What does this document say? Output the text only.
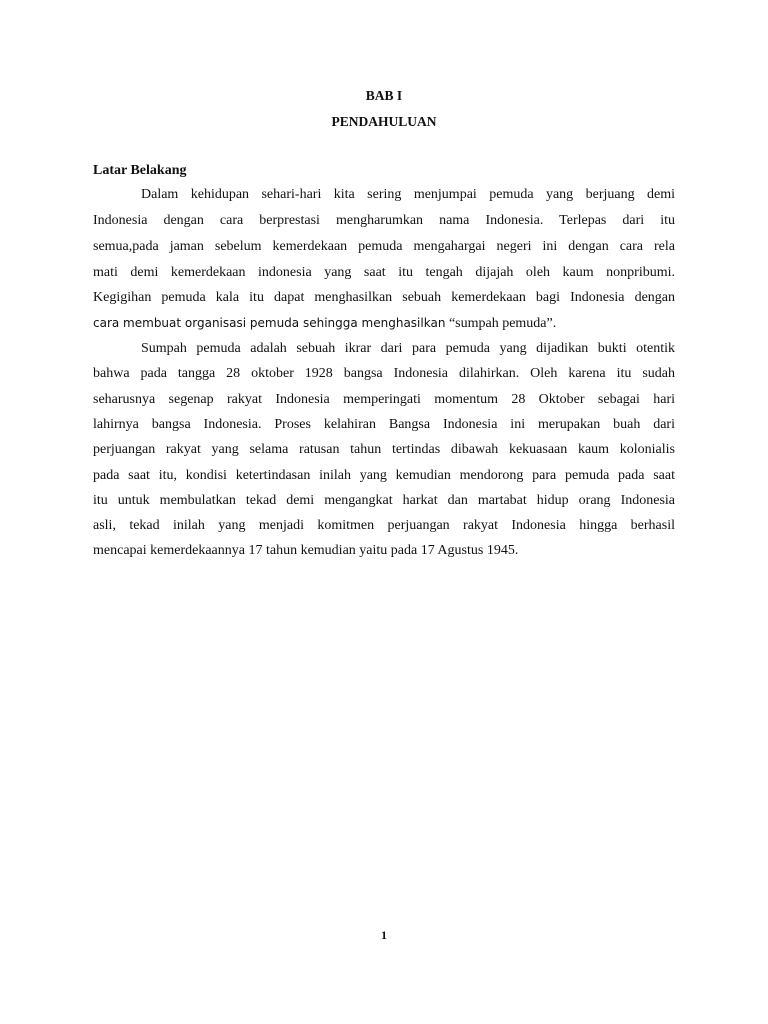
BAB I

PENDAHULUAN

Latar Belakang

Dalam kehidupan sehari-hari kita sering menjumpai pemuda yang berjuang demi

Indonesia dengan cara berprestasi mengharumkan nama Indonesia. Terlepas dari itu

semua,pada jaman sebelum kemerdekaan pemuda mengahargai negeri ini dengan cara rela

mati demi kemerdekaan indonesia yang saat itu tengah dijajah oleh kaum nonpribumi.

Kegigihan pemuda kala itu dapat menghasilkan sebuah kemerdekaan bagi Indonesia dengan

cara membuat organisasi pemuda sehingga menghasilkan “sumpah pemuda”.

Sumpah pemuda adalah sebuah ikrar dari para pemuda yang dijadikan bukti otentik

bahwa pada tangga 28 oktober 1928 bangsa Indonesia dilahirkan. Oleh karena itu sudah

seharusnya segenap rakyat Indonesia memperingati momentum 28 Oktober sebagai hari

lahirnya bangsa Indonesia. Proses kelahiran Bangsa Indonesia ini merupakan buah dari

perjuangan rakyat yang selama ratusan tahun tertindas dibawah kekuasaan kaum kolonialis

pada saat itu, kondisi ketertindasan inilah yang kemudian mendorong para pemuda pada saat

itu untuk membulatkan tekad demi mengangkat harkat dan martabat hidup orang Indonesia

asli, tekad inilah yang menjadi komitmen perjuangan rakyat Indonesia hingga berhasil

mencapai kemerdekaannya 17 tahun kemudian yaitu pada 17 Agustus 1945.

1
